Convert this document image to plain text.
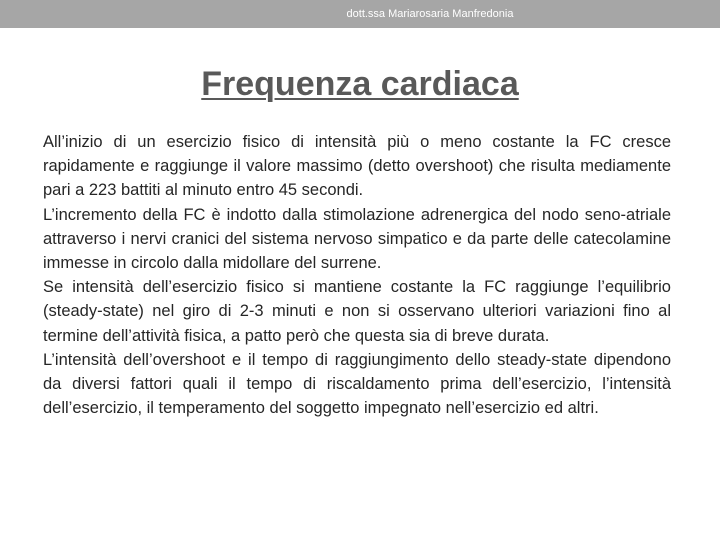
dott.ssa Mariarosaria Manfredonia
Frequenza cardiaca

All’inizio di un esercizio fisico di intensità più o meno costante la FC cresce rapidamente e raggiunge il valore massimo (detto overshoot) che risulta mediamente pari a 223 battiti al minuto entro 45 secondi.

L’incremento della FC è indotto dalla stimolazione adrenergica del nodo seno-atriale attraverso i nervi cranici del sistema nervoso simpatico e da parte delle catecolamine immesse in circolo dalla midollare del surrene.

Se intensità dell’esercizio fisico si mantiene costante la FC raggiunge l’equilibrio (steady-state) nel giro di 2-3 minuti e non si osservano ulteriori variazioni fino al termine dell’attività fisica, a patto però che questa sia di breve durata.

L’intensità dell’overshoot e il tempo di raggiungimento dello steady-state dipendono da diversi fattori quali il tempo di riscaldamento prima dell’esercizio, l’intensità dell’esercizio, il temperamento del soggetto impegnato nell’esercizio ed altri.
